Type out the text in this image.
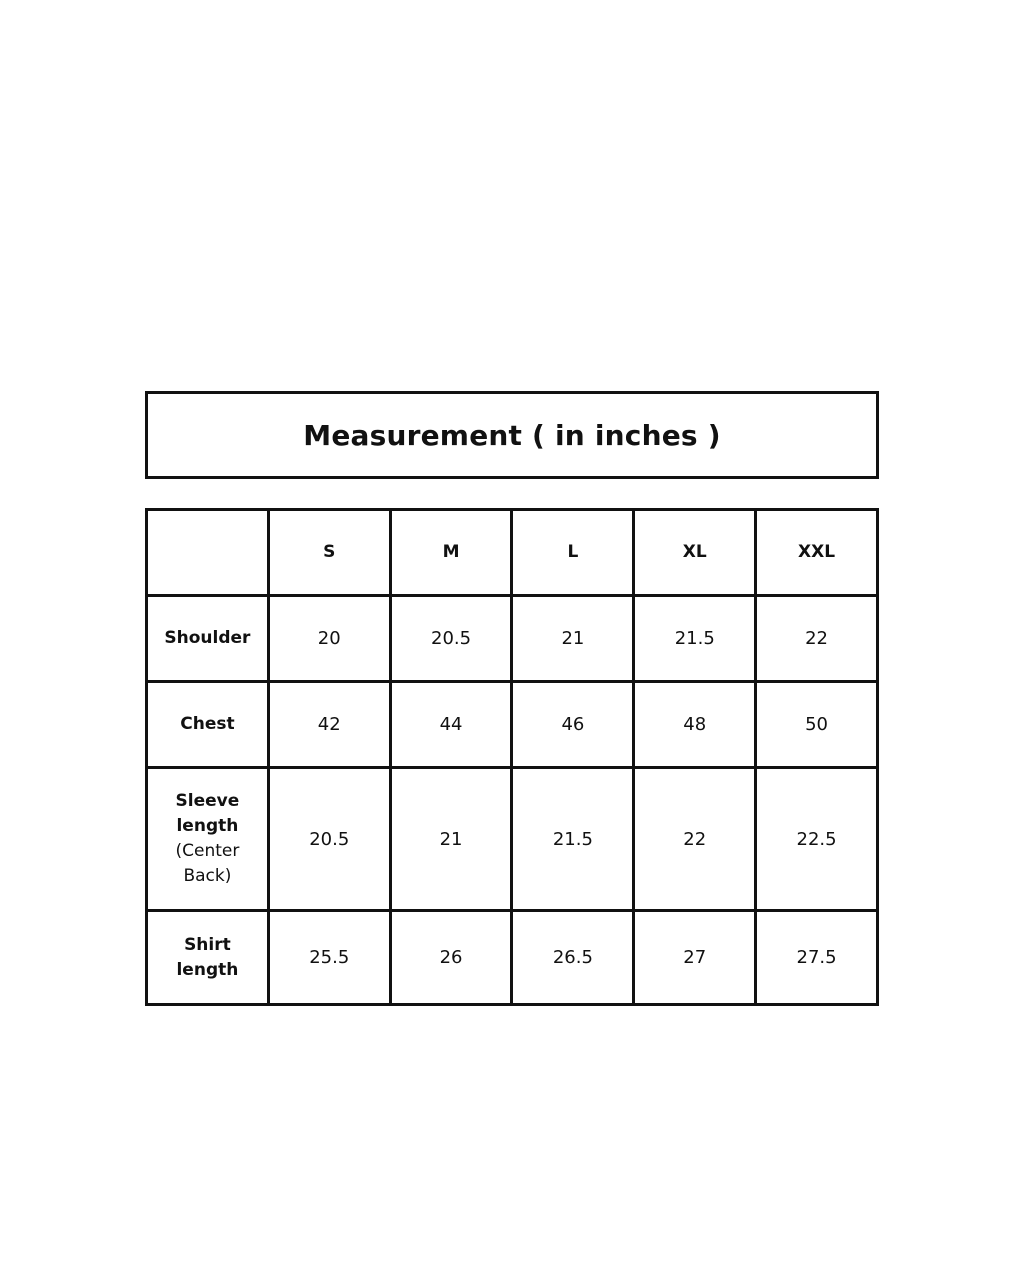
Measurement ( in inches )
	S	M	L	XL	XXL

Shoulder	20	20.5	21	21.5	22

Chest	42	44	46	48	50

Sleeve length
(Center Back)	20.5	21	21.5	22	22.5

Shirt length	25.5	26	26.5	27	27.5
